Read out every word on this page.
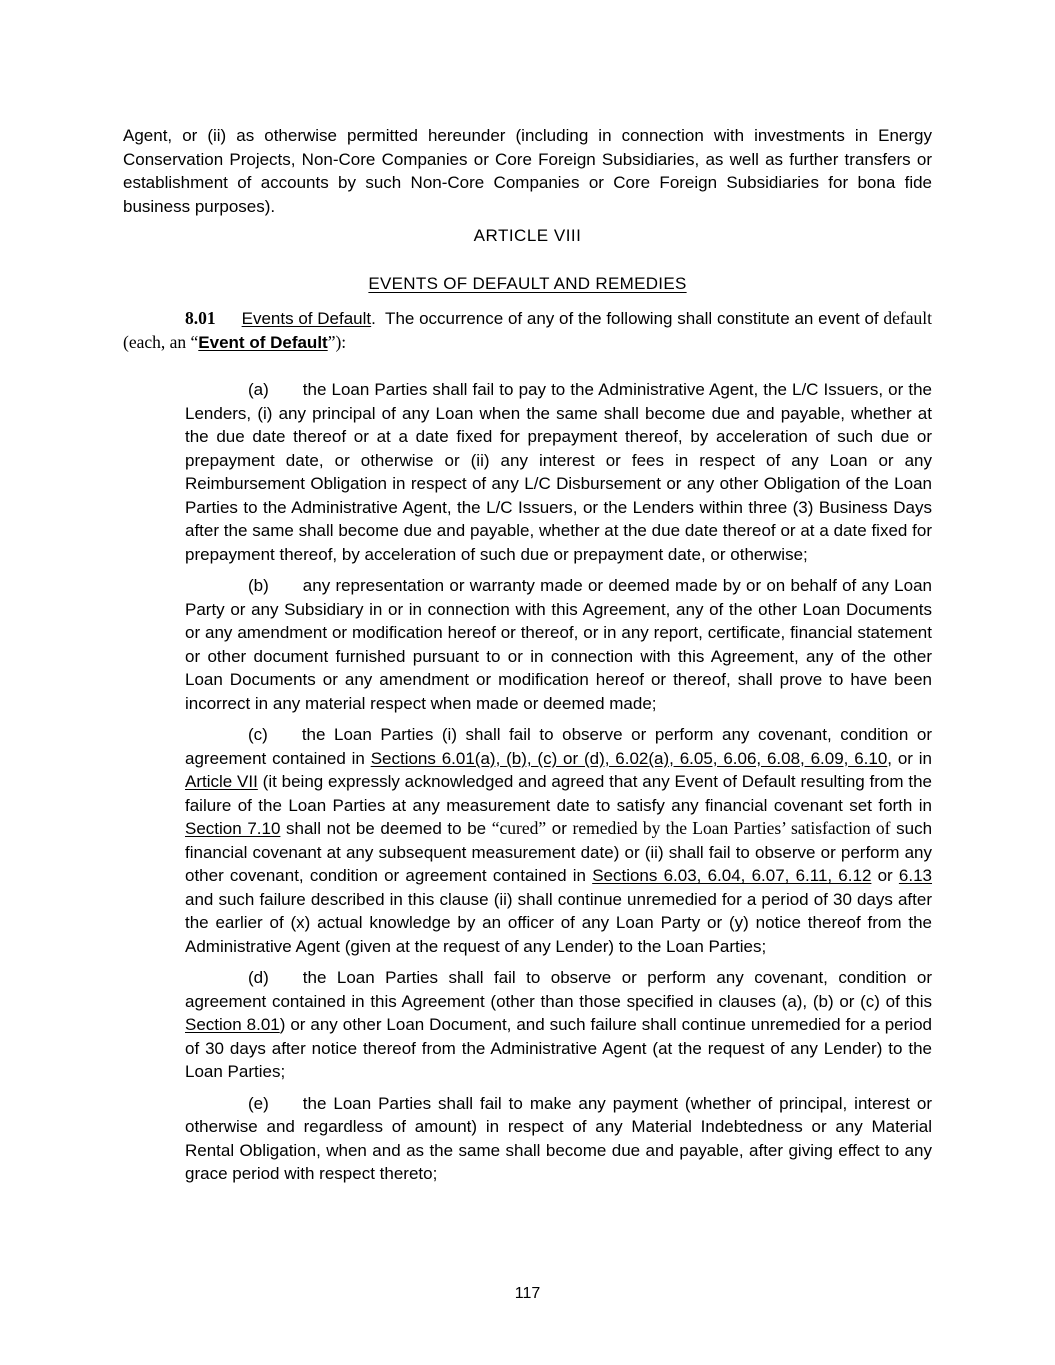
Agent, or (ii) as otherwise permitted hereunder (including in connection with investments in Energy Conservation Projects, Non-Core Companies or Core Foreign Subsidiaries, as well as further transfers or establishment of accounts by such Non-Core Companies or Core Foreign Subsidiaries for bona fide business purposes).

ARTICLE VIII

EVENTS OF DEFAULT AND REMEDIES

8.01 Events of Default.  The occurrence of any of the following shall constitute an event of default (each, an “Event of Default”):

(a) the Loan Parties shall fail to pay to the Administrative Agent, the L/C Issuers, or the Lenders, (i) any principal of any Loan when the same shall become due and payable, whether at the due date thereof or at a date fixed for prepayment thereof, by acceleration of such due or prepayment date, or otherwise or (ii) any interest or fees in respect of any Loan or any Reimbursement Obligation in respect of any L/C Disbursement or any other Obligation of the Loan Parties to the Administrative Agent, the L/C Issuers, or the Lenders within three (3) Business Days after the same shall become due and payable, whether at the due date thereof or at a date fixed for prepayment thereof, by acceleration of such due or prepayment date, or otherwise;

(b) any representation or warranty made or deemed made by or on behalf of any Loan Party or any Subsidiary in or in connection with this Agreement, any of the other Loan Documents or any amendment or modification hereof or thereof, or in any report, certificate, financial statement or other document furnished pursuant to or in connection with this Agreement, any of the other Loan Documents or any amendment or modification hereof or thereof, shall prove to have been incorrect in any material respect when made or deemed made;

(c) the Loan Parties (i) shall fail to observe or perform any covenant, condition or agreement contained in Sections 6.01(a), (b), (c) or (d), 6.02(a), 6.05, 6.06, 6.08, 6.09, 6.10, or in Article VII (it being expressly acknowledged and agreed that any Event of Default resulting from the failure of the Loan Parties at any measurement date to satisfy any financial covenant set forth in Section 7.10 shall not be deemed to be “cured” or remedied by the Loan Parties’ satisfaction of such financial covenant at any subsequent measurement date) or (ii) shall fail to observe or perform any other covenant, condition or agreement contained in Sections 6.03, 6.04, 6.07, 6.11, 6.12 or 6.13 and such failure described in this clause (ii) shall continue unremedied for a period of 30 days after the earlier of (x) actual knowledge by an officer of any Loan Party or (y) notice thereof from the Administrative Agent (given at the request of any Lender) to the Loan Parties;

(d) the Loan Parties shall fail to observe or perform any covenant, condition or agreement contained in this Agreement (other than those specified in clauses (a), (b) or (c) of this Section 8.01) or any other Loan Document, and such failure shall continue unremedied for a period of 30 days after notice thereof from the Administrative Agent (at the request of any Lender) to the Loan Parties;

(e) the Loan Parties shall fail to make any payment (whether of principal, interest or otherwise and regardless of amount) in respect of any Material Indebtedness or any Material Rental Obligation, when and as the same shall become due and payable, after giving effect to any grace period with respect thereto;

117
